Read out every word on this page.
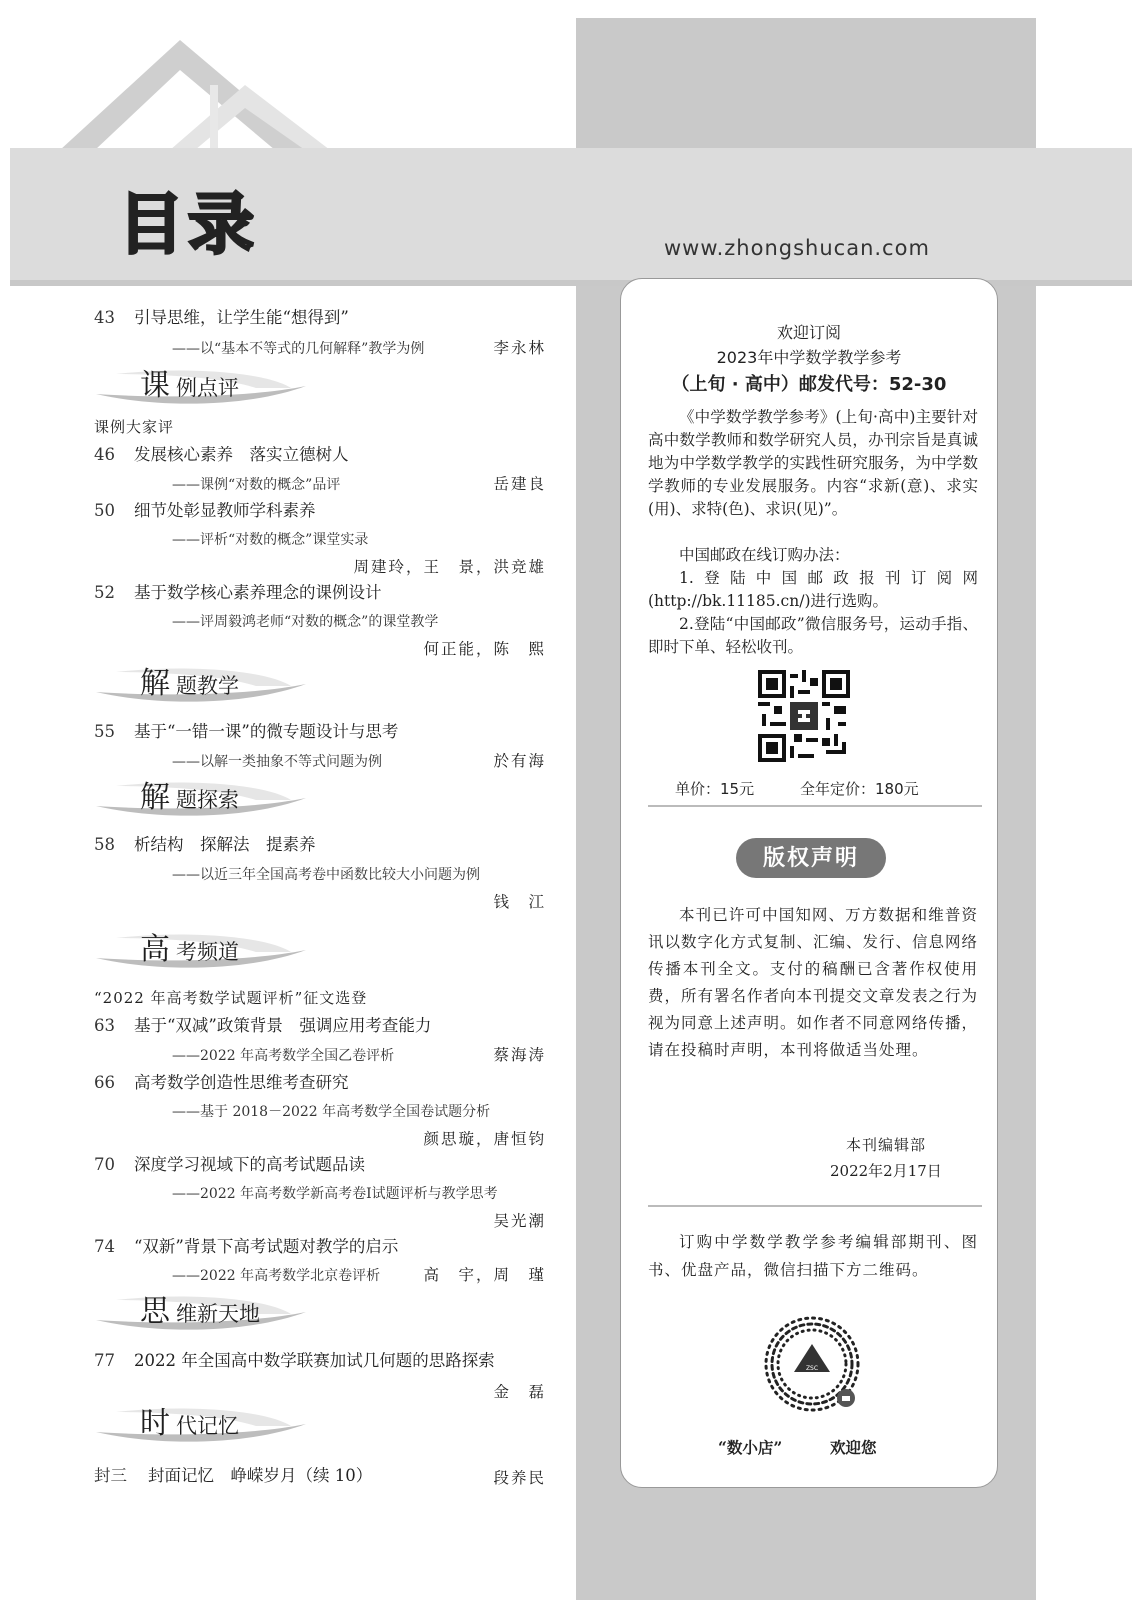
目录	www.zhongshucan.com
43 引导思维，让学生能“想得到”
——以“基本不等式的几何解释”教学为例	李永林
课 例点评
课例大家评
46 发展核心素养　落实立德树人
——课例“对数的概念”品评	岳建良
50 细节处彰显教师学科素养
——评析“对数的概念”课堂实录
周建玲，王　景，洪竞雄
52 基于数学核心素养理念的课例设计
——评周毅鸿老师“对数的概念”的课堂教学
何正能，陈　熙
解 题教学
55 基于“一错一课”的微专题设计与思考
——以解一类抽象不等式问题为例	於有海
解 题探索
58 析结构　探解法　提素养
——以近三年全国高考卷中函数比较大小问题为例
钱　江
高 考频道
“2022 年高考数学试题评析”征文选登
63 基于“双减”政策背景　强调应用考查能力
——2022 年高考数学全国乙卷评析	蔡海涛
66 高考数学创造性思维考查研究
——基于 2018－2022 年高考数学全国卷试题分析
颜思璇，唐恒钧
70 深度学习视域下的高考试题品读
——2022 年高考数学新高考卷Ⅰ试题评析与教学思考
吴光潮
74 “双新”背景下高考试题对教学的启示
——2022 年高考数学北京卷评析	高　宇，周　瑾
思 维新天地
77 2022 年全国高中数学联赛加试几何题的思路探索
金　磊
时 代记忆
封三 封面记忆　峥嵘岁月（续 10）	段养民
欢迎订阅
2023年中学数学教学参考
（上旬 · 高中）邮发代号：52-30
《中学数学教学参考》(上旬·高中)主要针对高中数学教师和数学研究人员，办刊宗旨是真诚地为中学数学教学的实践性研究服务，为中学数学教师的专业发展服务。内容“求新(意)、求实(用)、求特(色)、求识(见)”。
中国邮政在线订购办法：
1.登陆中国邮政报刊订阅网(http://bk.11185.cn/)进行选购。
2.登陆“中国邮政”微信服务号，运动手指、即时下单、轻松收刊。
单价：15元	全年定价：180元
版权声明
本刊已许可中国知网、万方数据和维普资讯以数字化方式复制、汇编、发行、信息网络传播本刊全文。支付的稿酬已含著作权使用费，所有署名作者向本刊提交文章发表之行为视为同意上述声明。如作者不同意网络传播，请在投稿时声明，本刊将做适当处理。
本刊编辑部
2022年2月17日
订购中学数学教学参考编辑部期刊、图书、优盘产品，微信扫描下方二维码。
ZSC
“数小店”	欢迎您
